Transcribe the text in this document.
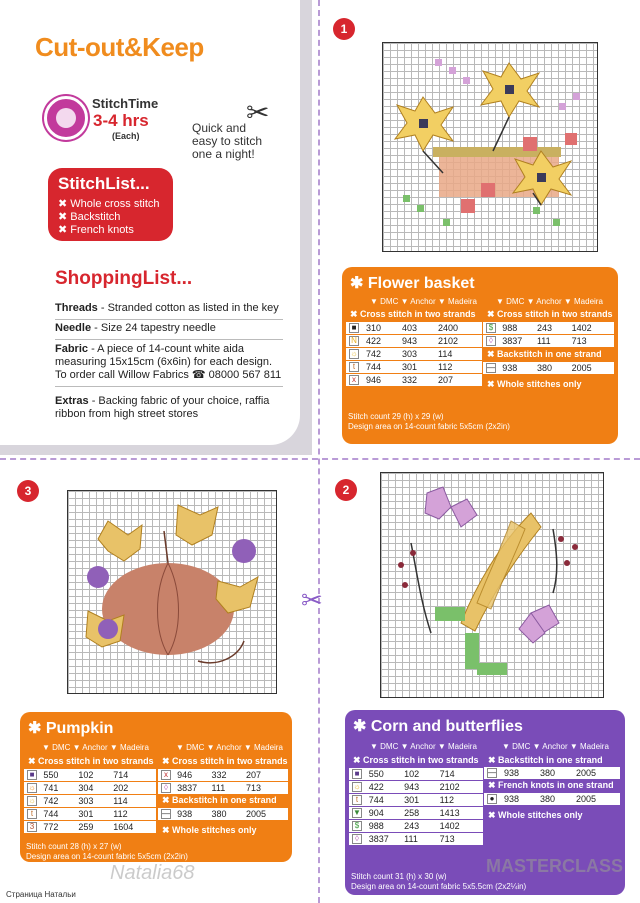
Cut-out&Keep
StitchTime
3-4 hrs
(Each)
✂
Quick and easy to stitch one a night!
StitchList...
✖ Whole cross stitch
✖ Backstitch
✖ French knots
ShoppingList...
Threads - Stranded cotton as listed in the key
Needle - Size 24 tapestry needle
Fabric - A piece of 14-count white aida measuring 15x15cm (6x6in) for each design. To order call Willow Fabrics ☎ 08000 567 811
Extras - Backing fabric of your choice, raffia ribbon from high street stores
✂
1
✱ Flower basket
▼ DMC ▼ Anchor ▼ Madeira ▼ DMC ▼ Anchor ▼ Madeira
✖ Cross stitch in two strands	✖ Cross stitch in two strands
✖ Backstitch in one strand
✖ Whole stitches only
■ 310 403 2400
N 422 943 2102
☼ 742 303 114
t	744 301 112
x	946 332 207
$	988 243 1402
◊	3837 111 713
— 938 380 2005
Stitch count 29 (h) x 29 (w)
Design area on 14-count fabric 5x5cm (2x2in)
3
✱ Pumpkin
▼ DMC ▼ Anchor ▼ Madeira	▼ DMC ▼ Anchor ▼ Madeira
✖ Cross stitch in two strands ✖ Cross stitch in two strands
✖ Backstitch in one strand
✖ Whole stitches only
■ 550 102 714
☼ 741 304 202
☼ 742 303 114
t	744 301 112
3	772 259 1604
x	946 332 207
◊	3837 111 713
— 938 380 2005
Stitch count 28 (h) x 27 (w)
Design area on 14-count fabric 5x5cm (2x2in)
2
✱ Corn and butterflies
▼ DMC ▼ Anchor ▼ Madeira	▼ DMC ▼ Anchor ▼ Madeira
✖ Cross stitch in two strands	✖ Backstitch in one strand
✖ French knots in one strand
✖ Whole stitches only
■ 550 102 714
☼ 422 943 2102
t	744 301 112
▼ 904 258 1413
$	988 243 1402
◊	3837 111 713
— 938 380 2005
● 938 380 2005
Stitch count 31 (h) x 30 (w)
Design area on 14-count fabric 5x5.5cm (2x2¼in)
Страница Натальи
Natalia68	MASTERCLASS
